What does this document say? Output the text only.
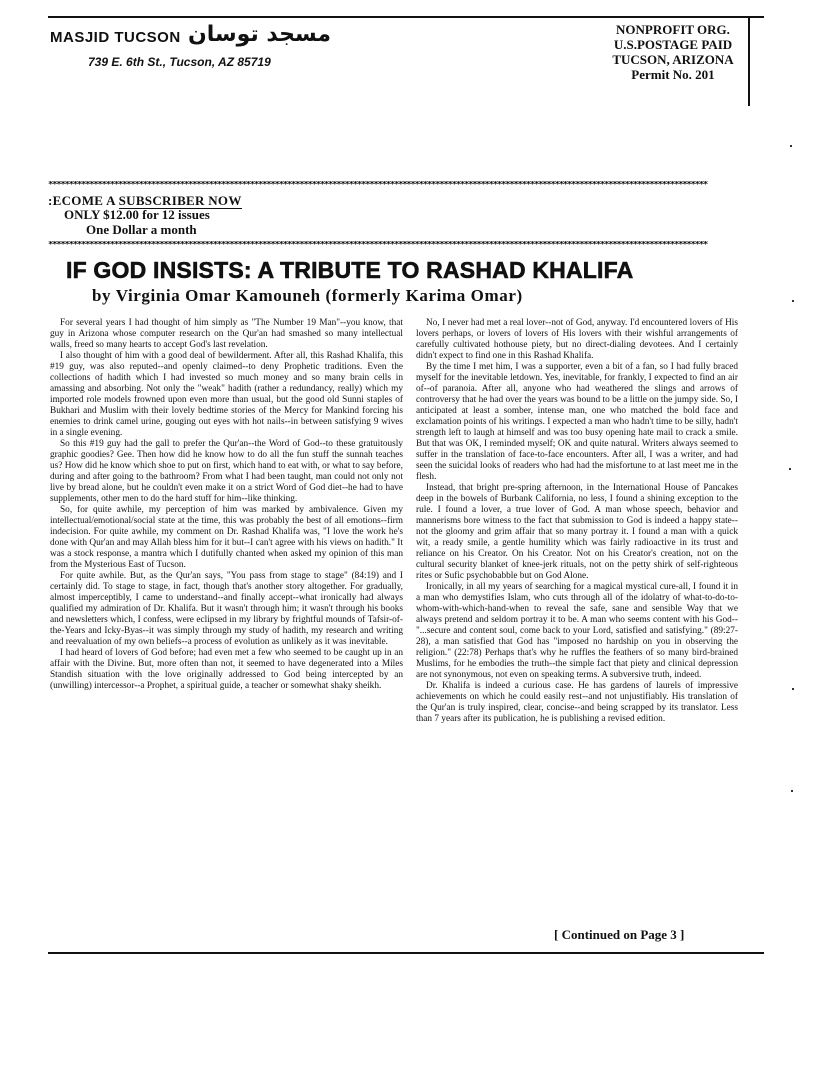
MASJID TUCSON مسجد توسان
739 E. 6th St., Tucson, AZ 85719
NONPROFIT ORG.
U.S.POSTAGE PAID
TUCSON, ARIZONA
Permit No. 201
****************************************************************************************************************************************************************
****************************************************************************************************************************************************************
:ECOME A SUBSCRIBER NOW
ONLY $12.00 for 12 issues
One Dollar a month
IF GOD INSISTS: A TRIBUTE TO RASHAD KHALIFA
by Virginia Omar Kamouneh (formerly Karima Omar)

For several years I had thought of him simply as "The Number 19 Man"--you know, that guy in Arizona whose computer research on the Qur'an had smashed so many intellectual walls, freed so many hearts to accept God's last revelation.

I also thought of him with a good deal of bewilderment. After all, this Rashad Khalifa, this #19 guy, was also reputed--and openly claimed--to deny Prophetic traditions. Even the collections of hadith which I had invested so much money and so many brain cells in amassing and absorbing. Not only the "weak" hadith (rather a redundancy, really) which my imported role models frowned upon even more than usual, but the good old Sunni staples of Bukhari and Muslim with their lovely bedtime stories of the Mercy for Mankind forcing his enemies to drink camel urine, gouging out eyes with hot nails--in between satisfying 9 wives in a single evening.

So this #19 guy had the gall to prefer the Qur'an--the Word of God--to these gratuitously graphic goodies? Gee. Then how did he know how to do all the fun stuff the sunnah teaches us? How did he know which shoe to put on first, which hand to eat with, or what to say before, during and after going to the bathroom? From what I had been taught, man could not only not live by bread alone, but he couldn't even make it on a strict Word of God diet--he had to have supplements, other men to do the hard stuff for him--like thinking.

So, for quite awhile, my perception of him was marked by ambivalence. Given my intellectual/emotional/social state at the time, this was probably the best of all emotions--firm indecision. For quite awhile, my comment on Dr. Rashad Khalifa was, "I love the work he's done with Qur'an and may Allah bless him for it but--I can't agree with his views on hadith." It was a stock response, a mantra which I dutifully chanted when asked my opinion of this man from the Mysterious East of Tucson.

For quite awhile. But, as the Qur'an says, "You pass from stage to stage" (84:19) and I certainly did. To stage to stage, in fact, though that's another story altogether. For gradually, almost imperceptibly, I came to understand--and finally accept--what ironically had always qualified my admiration of Dr. Khalifa. But it wasn't through him; it wasn't through his books and newsletters which, I confess, were eclipsed in my library by frightful mounds of Tafsir-of-the-Years and Icky-Byas--it was simply through my study of hadith, my research and writing and reevaluation of my own beliefs--a process of evolution as unlikely as it was inevitable.

I had heard of lovers of God before; had even met a few who seemed to be caught up in an affair with the Divine. But, more often than not, it seemed to have degenerated into a Miles Standish situation with the love originally addressed to God being intercepted by an (unwilling) intercessor--a Prophet, a spiritual guide, a teacher or somewhat shaky sheikh.

No, I never had met a real lover--not of God, anyway. I'd encountered lovers of His lovers perhaps, or lovers of lovers of His lovers with their wishful arrangements of carefully cultivated hothouse piety, but no direct-dialing devotees. And I certainly didn't expect to find one in this Rashad Khalifa.

By the time I met him, I was a supporter, even a bit of a fan, so I had fully braced myself for the inevitable letdown. Yes, inevitable, for frankly, I expected to find an air of--of paranoia. After all, anyone who had weathered the slings and arrows of controversy that he had over the years was bound to be a little on the jumpy side. So, I anticipated at least a somber, intense man, one who matched the bold face and exclamation points of his writings. I expected a man who hadn't time to be silly, hadn't strength left to laugh at himself and was too busy opening hate mail to crack a smile. But that was OK, I reminded myself; OK and quite natural. Writers always seemed to suffer in the translation of face-to-face encounters. After all, I was a writer, and had seen the suicidal looks of readers who had had the misfortune to at last meet me in the flesh.

Instead, that bright pre-spring afternoon, in the International House of Pancakes deep in the bowels of Burbank California, no less, I found a shining exception to the rule. I found a lover, a true lover of God. A man whose speech, behavior and mannerisms bore witness to the fact that submission to God is indeed a happy state--not the gloomy and grim affair that so many portray it. I found a man with a quick wit, a ready smile, a gentle humility which was fairly radioactive in its trust and reliance on his Creator. On his Creator. Not on his Creator's creation, not on the cultural security blanket of knee-jerk rituals, not on the petty shirk of self-righteous rites or Sufic psychobabble but on God Alone.

Ironically, in all my years of searching for a magical mystical cure-all, I found it in a man who demystifies Islam, who cuts through all of the idolatry of what-to-do-to-whom-with-which-hand-when to reveal the safe, sane and sensible Way that we always pretend and seldom portray it to be. A man who seems content with his God--"...secure and content soul, come back to your Lord, satisfied and satisfying." (89:27-28), a man satisfied that God has "imposed no hardship on you in observing the religion." (22:78) Perhaps that's why he ruffles the feathers of so many bird-brained Muslims, for he embodies the truth--the simple fact that piety and clinical depression are not synonymous, not even on speaking terms. A subversive truth, indeed.

Dr. Khalifa is indeed a curious case. He has gardens of laurels of impressive achievements on which he could easily rest--and not unjustifiably. His translation of the Qur'an is truly inspired, clear, concise--and being scrapped by its translator. Less than 7 years after its publication, he is publishing a revised edition.

[ Continued on Page 3 ]
